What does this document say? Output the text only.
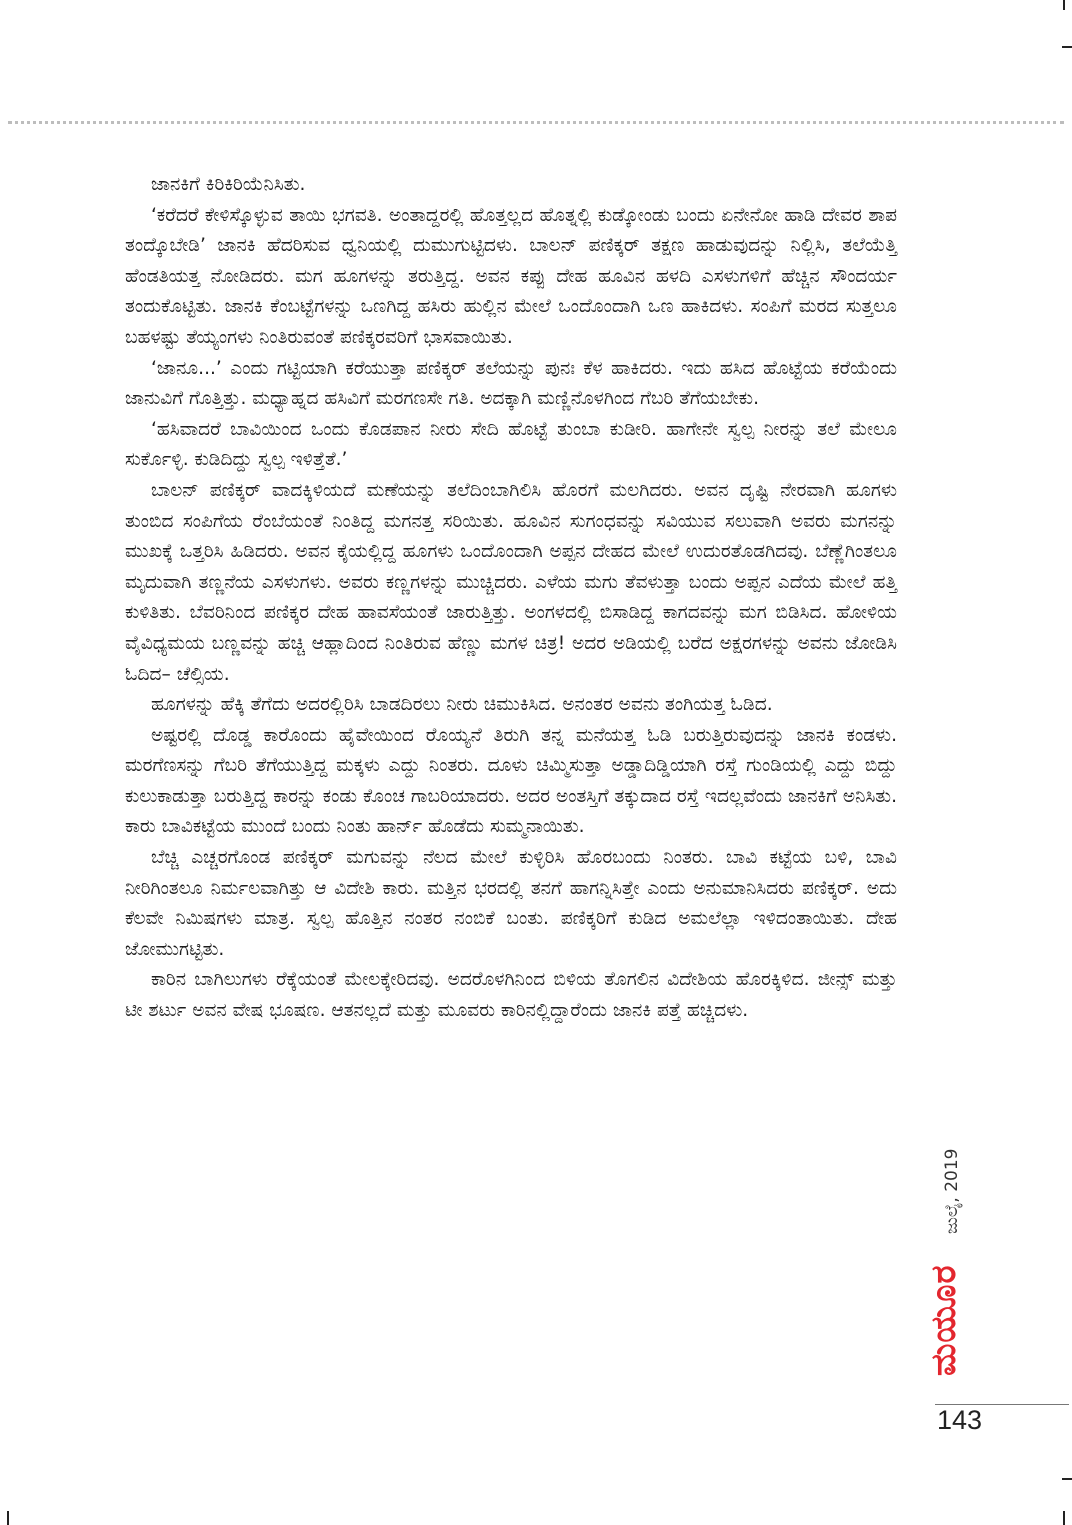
ಜಾನಕಿಗೆ ಕಿರಿಕಿರಿಯೆನಿಸಿತು.

‘ಕರೆದರೆ ಕೇಳಿಸ್ಕೊಳ್ಳುವ ತಾಯಿ ಭಗವತಿ. ಅಂತಾದ್ದರಲ್ಲಿ ಹೊತ್ತಲ್ಲದ ಹೊತ್ನಲ್ಲಿ ಕುಡ್ಕೋಂಡು ಬಂದು ಏನೇನೋ ಹಾಡಿ ದೇವರ ಶಾಪ ತಂದ್ಕೊಬೇಡಿ’ ಜಾನಕಿ ಹೆದರಿಸುವ ಧ್ವನಿಯಲ್ಲಿ ದುಮುಗುಟ್ಟಿದಳು. ಬಾಲನ್ ಪಣಿಕ್ಕರ್ ತಕ್ಷಣ ಹಾಡುವುದನ್ನು ನಿಲ್ಲಿಸಿ, ತಲೆಯೆತ್ತಿ ಹೆಂಡತಿಯತ್ತ ನೋಡಿದರು. ಮಗ ಹೂಗಳನ್ನು ತರುತ್ತಿದ್ದ. ಅವನ ಕಪ್ಪು ದೇಹ ಹೂವಿನ ಹಳದಿ ಎಸಳುಗಳಿಗೆ ಹೆಚ್ಚಿನ ಸೌಂದರ್ಯ ತಂದುಕೊಟ್ಟಿತು. ಜಾನಕಿ ಕೆಂಬಟ್ಟೆಗಳನ್ನು ಒಣಗಿದ್ದ ಹಸಿರು ಹುಲ್ಲಿನ ಮೇಲೆ ಒಂದೊಂದಾಗಿ ಒಣ ಹಾಕಿದಳು. ಸಂಪಿಗೆ ಮರದ ಸುತ್ತಲೂ ಬಹಳಷ್ಟು ತೆಯ್ಯಂಗಳು ನಿಂತಿರುವಂತೆ ಪಣಿಕ್ಕರವರಿಗೆ ಭಾಸವಾಯಿತು.

‘ಜಾನೂ...’ ಎಂದು ಗಟ್ಟಿಯಾಗಿ ಕರೆಯುತ್ತಾ ಪಣಿಕ್ಕರ್ ತಲೆಯನ್ನು ಪುನಃ ಕೆಳ ಹಾಕಿದರು. ಇದು ಹಸಿದ ಹೊಟ್ಟೆಯ ಕರೆಯೆಂದು ಜಾನುವಿಗೆ ಗೊತ್ತಿತ್ತು. ಮಧ್ಯಾಹ್ನದ ಹಸಿವಿಗೆ ಮರಗಣಸೇ ಗತಿ. ಅದಕ್ಕಾಗಿ ಮಣ್ಣಿನೊಳಗಿಂದ ಗೆಬರಿ ತೆಗೆಯಬೇಕು.

‘ಹಸಿವಾದರೆ ಬಾವಿಯಿಂದ ಒಂದು ಕೊಡಪಾನ ನೀರು ಸೇದಿ ಹೊಟ್ಟೆ ತುಂಬಾ ಕುಡೀರಿ. ಹಾಗೇನೇ ಸ್ವಲ್ಪ ನೀರನ್ನು ತಲೆ ಮೇಲೂ ಸುರ್ಕೊಳ್ಳಿ. ಕುಡಿದಿದ್ದು ಸ್ವಲ್ಪ ಇಳಿತ್ತೆತೆ.’

ಬಾಲನ್ ಪಣಿಕ್ಕರ್ ವಾದಕ್ಕಿಳಿಯದೆ ಮಣೆಯನ್ನು ತಲೆದಿಂಬಾಗಿಲಿಸಿ ಹೊರಗೆ ಮಲಗಿದರು. ಅವನ ದೃಷ್ಟಿ ನೇರವಾಗಿ ಹೂಗಳು ತುಂಬಿದ ಸಂಪಿಗೆಯ ರೆಂಬೆಯಂತೆ ನಿಂತಿದ್ದ ಮಗನತ್ತ ಸರಿಯಿತು. ಹೂವಿನ ಸುಗಂಧವನ್ನು ಸವಿಯುವ ಸಲುವಾಗಿ ಅವರು ಮಗನನ್ನು ಮುಖಕ್ಕೆ ಒತ್ತರಿಸಿ ಹಿಡಿದರು. ಅವನ ಕೈಯಲ್ಲಿದ್ದ ಹೂಗಳು ಒಂದೊಂದಾಗಿ ಅಪ್ಪನ ದೇಹದ ಮೇಲೆ ಉದುರತೊಡಗಿದವು. ಬೆಣ್ಣೆಗಿಂತಲೂ ಮೃದುವಾಗಿ ತಣ್ಣನೆಯ ಎಸಳುಗಳು. ಅವರು ಕಣ್ಣಗಳನ್ನು ಮುಚ್ಚಿದರು. ಎಳೆಯ ಮಗು ತೆವಳುತ್ತಾ ಬಂದು ಅಪ್ಪನ ಎದೆಯ ಮೇಲೆ ಹತ್ತಿ ಕುಳಿತಿತು. ಬೆವರಿನಿಂದ ಪಣಿಕ್ಕರ ದೇಹ ಹಾವಸೆಯಂತೆ ಜಾರುತ್ತಿತ್ತು. ಅಂಗಳದಲ್ಲಿ ಬಿಸಾಡಿದ್ದ ಕಾಗದವನ್ನು ಮಗ ಬಿಡಿಸಿದ. ಹೋಳಿಯ ವೈವಿಧ್ಯಮಯ ಬಣ್ಣವನ್ನು ಹಚ್ಚಿ ಆಹ್ಲಾದಿಂದ ನಿಂತಿರುವ ಹೆಣ್ಣು ಮಗಳ ಚಿತ್ರ! ಅದರ ಅಡಿಯಲ್ಲಿ ಬರೆದ ಅಕ್ಷರಗಳನ್ನು ಅವನು ಜೋಡಿಸಿ ಓದಿದ– ಚೆಲ್ಸಿಯ.

ಹೂಗಳನ್ನು ಹೆಕ್ಕಿ ತೆಗೆದು ಅದರಲ್ಲಿರಿಸಿ ಬಾಡದಿರಲು ನೀರು ಚಿಮುಕಿಸಿದ. ಅನಂತರ ಅವನು ತಂಗಿಯತ್ತ ಓಡಿದ.

ಅಷ್ಟರಲ್ಲಿ ದೊಡ್ಡ ಕಾರೊಂದು ಹೈವೇಯಿಂದ ರೊಯ್ಯನೆ ತಿರುಗಿ ತನ್ನ ಮನೆಯತ್ತ ಓಡಿ ಬರುತ್ತಿರುವುದನ್ನು ಜಾನಕಿ ಕಂಡಳು. ಮರಗೆಣಸನ್ನು ಗೆಬರಿ ತೆಗೆಯುತ್ತಿದ್ದ ಮಕ್ಕಳು ಎದ್ದು ನಿಂತರು. ದೂಳು ಚಿಮ್ಮಿಸುತ್ತಾ ಅಡ್ಡಾದಿಡ್ಡಿಯಾಗಿ ರಸ್ತೆ ಗುಂಡಿಯಲ್ಲಿ ಎದ್ದು ಬಿದ್ದು ಕುಲುಕಾಡುತ್ತಾ ಬರುತ್ತಿದ್ದ ಕಾರನ್ನು ಕಂಡು ಕೊಂಚ ಗಾಬರಿಯಾದರು. ಅದರ ಅಂತಸ್ತಿಗೆ ತಕ್ಕುದಾದ ರಸ್ತೆ ಇದಲ್ಲವೆಂದು ಜಾನಕಿಗೆ ಅನಿಸಿತು. ಕಾರು ಬಾವಿಕಟ್ಟೆಯ ಮುಂದೆ ಬಂದು ನಿಂತು ಹಾರ್ನ್ ಹೊಡೆದು ಸುಮ್ಮನಾಯಿತು.

ಬೆಚ್ಚಿ ಎಚ್ಚರಗೊಂಡ ಪಣಿಕ್ಕರ್ ಮಗುವನ್ನು ನೆಲದ ಮೇಲೆ ಕುಳ್ಳಿರಿಸಿ ಹೊರಬಂದು ನಿಂತರು. ಬಾವಿ ಕಟ್ಟೆಯ ಬಳಿ, ಬಾವಿ ನೀರಿಗಿಂತಲೂ ನಿರ್ಮಲವಾಗಿತ್ತು ಆ ವಿದೇಶಿ ಕಾರು. ಮತ್ತಿನ ಭರದಲ್ಲಿ ತನಗೆ ಹಾಗನ್ನಿಸಿತ್ತೇ ಎಂದು ಅನುಮಾನಿಸಿದರು ಪಣಿಕ್ಕರ್. ಅದು ಕೆಲವೇ ನಿಮಿಷಗಳು ಮಾತ್ರ. ಸ್ವಲ್ಪ ಹೊತ್ತಿನ ನಂತರ ನಂಬಿಕೆ ಬಂತು. ಪಣಿಕ್ಕರಿಗೆ ಕುಡಿದ ಅಮಲೆಲ್ಲಾ ಇಳಿದಂತಾಯಿತು. ದೇಹ ಜೋಮುಗಟ್ಟಿತು.

ಕಾರಿನ ಬಾಗಿಲುಗಳು ರೆಕ್ಕೆಯಂತೆ ಮೇಲಕ್ಕೇರಿದವು. ಅದರೊಳಗಿನಿಂದ ಬಿಳಿಯ ತೊಗಲಿನ ವಿದೇಶಿಯ ಹೊರಕ್ಕಿಳಿದ. ಜೀನ್ಸ್ ಮತ್ತು ಟೀ ಶರ್ಟು ಅವನ ವೇಷ ಭೂಷಣ. ಆತನಲ್ಲದೆ ಮತ್ತು ಮೂವರು ಕಾರಿನಲ್ಲಿದ್ದಾರೆಂದು ಜಾನಕಿ ಪತ್ತೆ ಹಚ್ಚಿದಳು.

ಜುಲೈ, 2019
ಮಯೂರ
143
